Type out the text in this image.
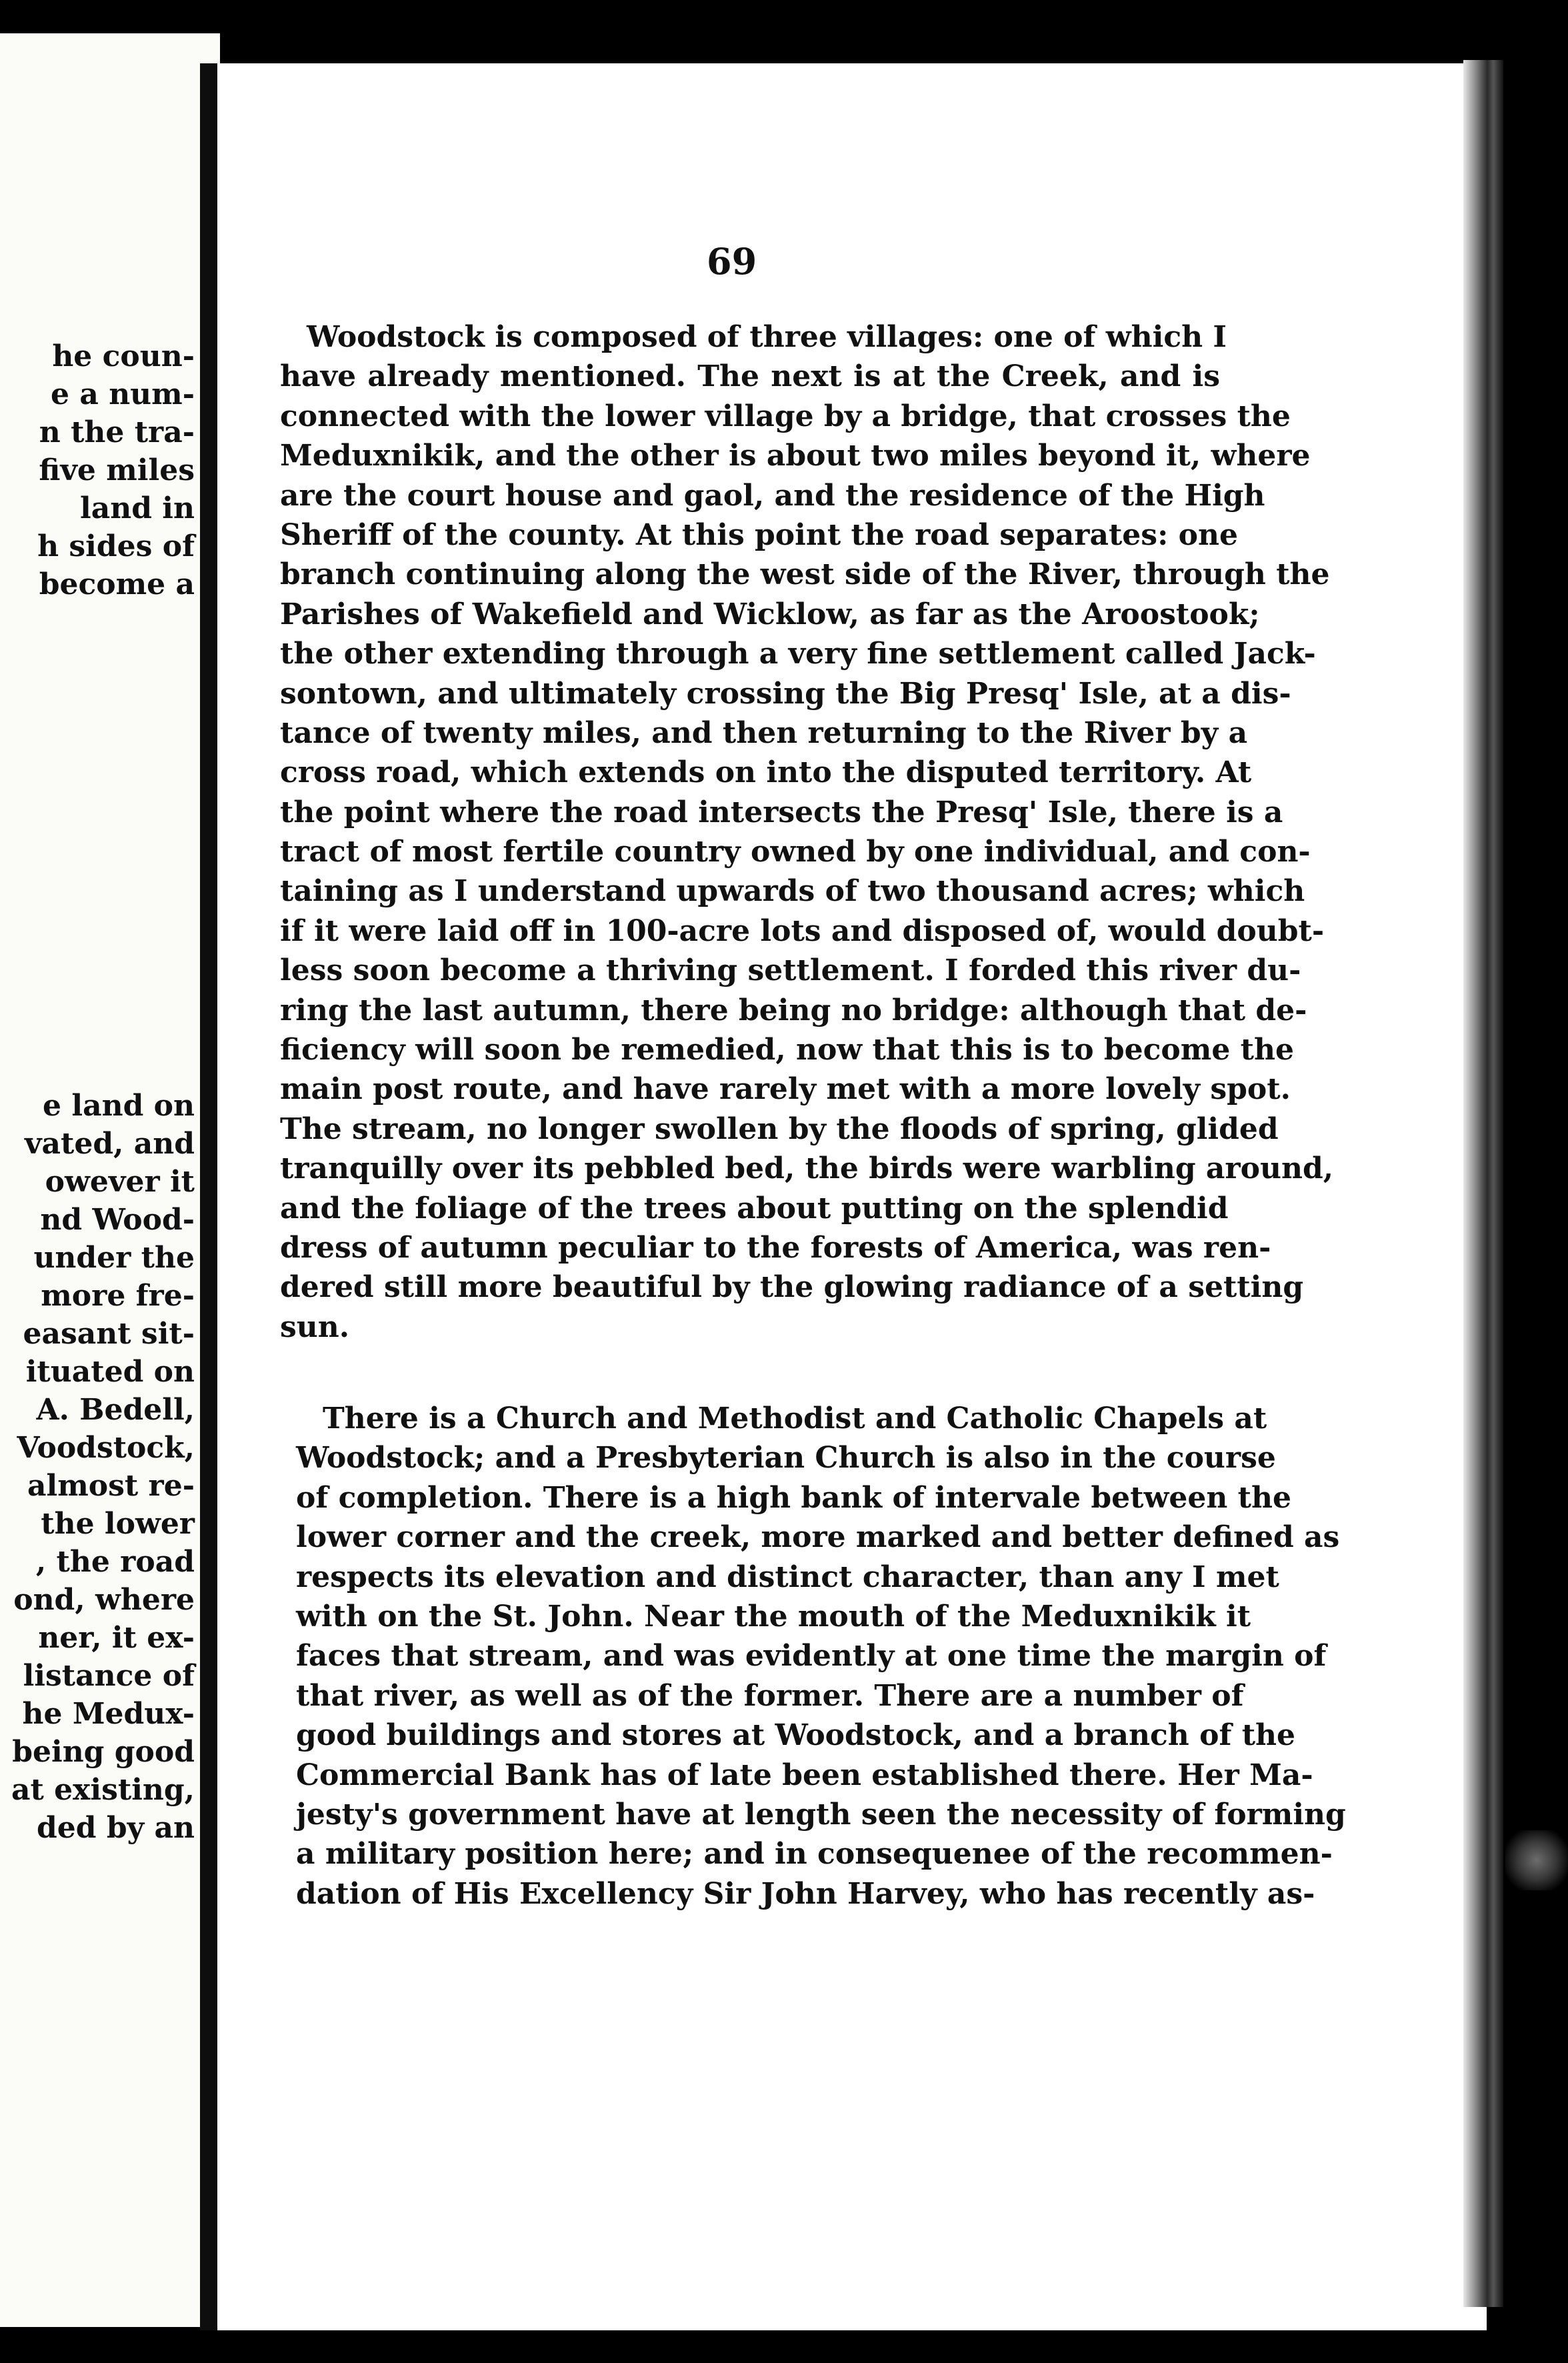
he coun-
e a num-
n the tra-
five miles
land in
h sides of
become a
e land on
vated, and
owever it
nd Wood-
under the
more fre-
easant sit-
ituated on
A. Bedell,
Voodstock,
almost re-
the lower
, the road
ond, where
ner, it ex-
listance of
he Medux-
being good
at existing,
ded by an
69
Woodstock is composed of three villages: one of which I
have already mentioned. The next is at the Creek, and is
connected with the lower village by a bridge, that crosses the
Meduxnikik, and the other is about two miles beyond it, where
are the court house and gaol, and the residence of the High
Sheriff of the county. At this point the road separates: one
branch continuing along the west side of the River, through the
Parishes of Wakefield and Wicklow, as far as the Aroostook;
the other extending through a very fine settlement called Jack-
sontown, and ultimately crossing the Big Presq' Isle, at a dis-
tance of twenty miles, and then returning to the River by a
cross road, which extends on into the disputed territory. At
the point where the road intersects the Presq' Isle, there is a
tract of most fertile country owned by one individual, and con-
taining as I understand upwards of two thousand acres; which
if it were laid off in 100-acre lots and disposed of, would doubt-
less soon become a thriving settlement. I forded this river du-
ring the last autumn, there being no bridge: although that de-
ficiency will soon be remedied, now that this is to become the
main post route, and have rarely met with a more lovely spot.
The stream, no longer swollen by the floods of spring, glided
tranquilly over its pebbled bed, the birds were warbling around,
and the foliage of the trees about putting on the splendid
dress of autumn peculiar to the forests of America, was ren-
dered still more beautiful by the glowing radiance of a setting
sun.
There is a Church and Methodist and Catholic Chapels at
Woodstock; and a Presbyterian Church is also in the course
of completion. There is a high bank of intervale between the
lower corner and the creek, more marked and better defined as
respects its elevation and distinct character, than any I met
with on the St. John. Near the mouth of the Meduxnikik it
faces that stream, and was evidently at one time the margin of
that river, as well as of the former. There are a number of
good buildings and stores at Woodstock, and a branch of the
Commercial Bank has of late been established there. Her Ma-
jesty's government have at length seen the necessity of forming
a military position here; and in consequenee of the recommen-
dation of His Excellency Sir John Harvey, who has recently as-
